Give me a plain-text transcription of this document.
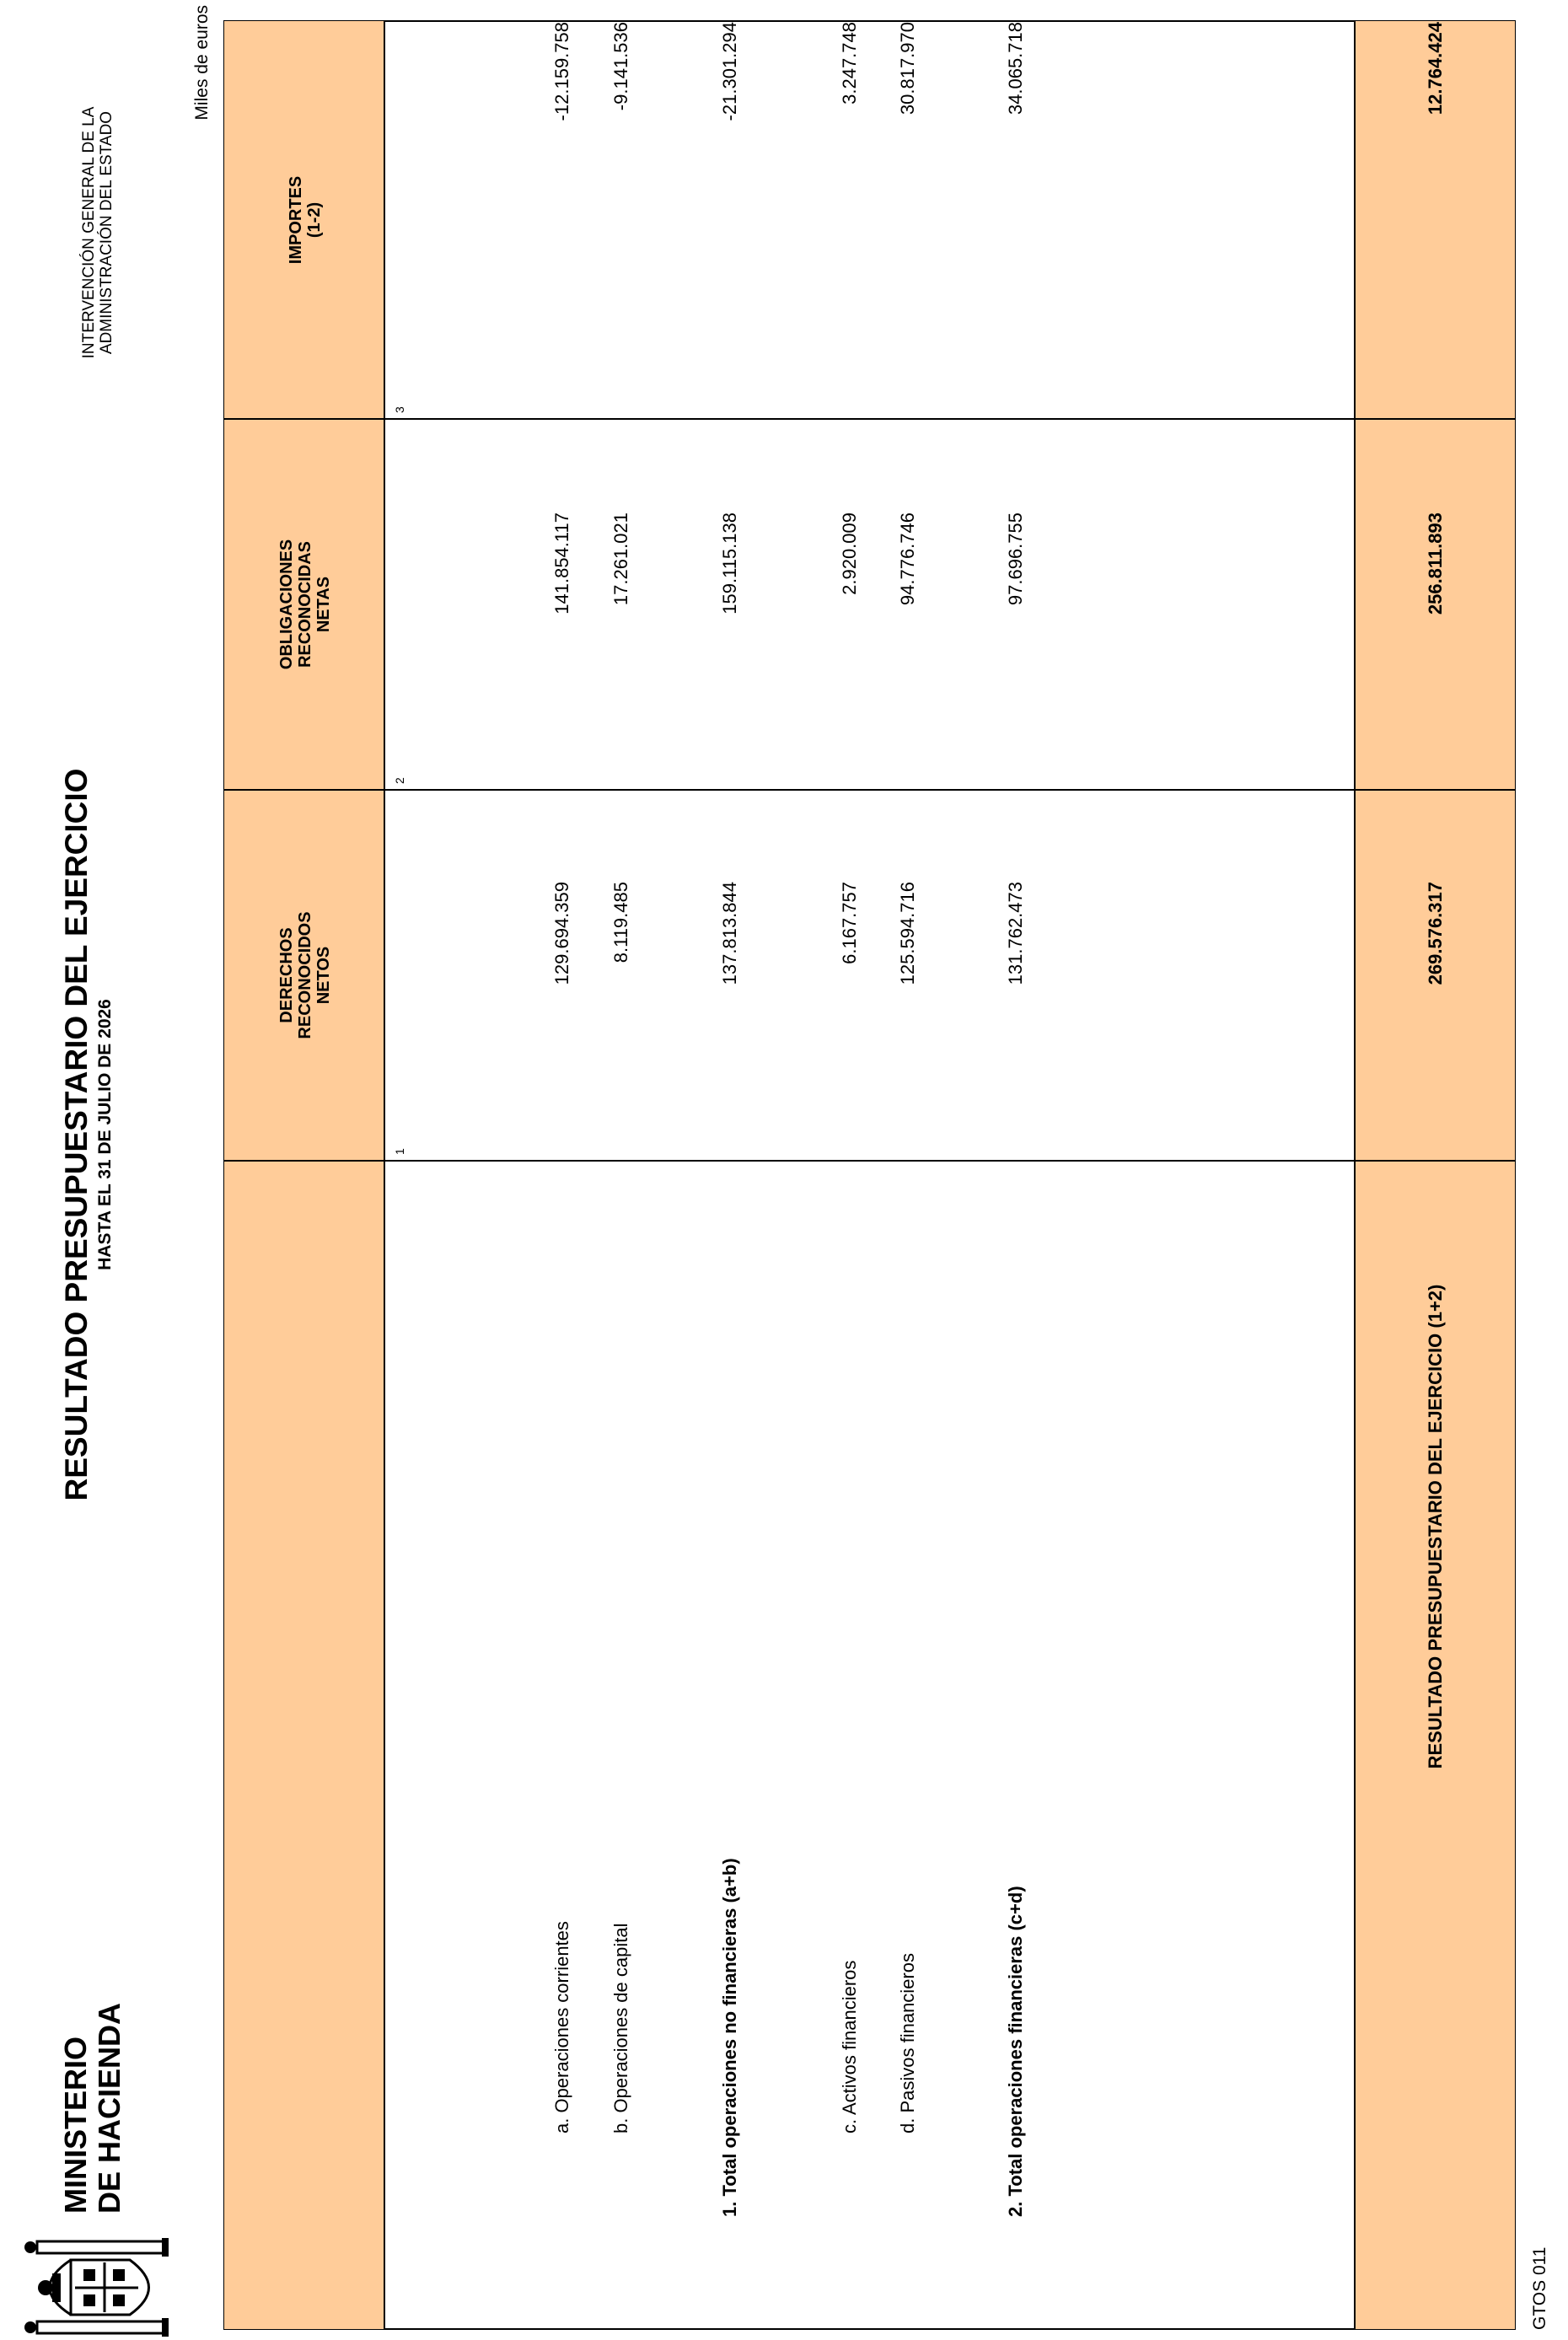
MINISTERIO
DE HACIENDA
RESULTADO PRESUPUESTARIO DEL EJERCICIO HASTA EL 31 DE JULIO DE 2026
INTERVENCIÓN GENERAL DE LA
ADMINISTRACIÓN DEL ESTADO
Miles de euros
DERECHOS
RECONOCIDOS
NETOS
OBLIGACIONES
RECONOCIDAS
NETAS
IMPORTES
(1-2)
1
2
3
a. Operaciones corrientes
129.694.359
141.854.117
-12.159.758
b. Operaciones de capital
8.119.485
17.261.021
-9.141.536
1. Total operaciones no financieras (a+b)
137.813.844
159.115.138
-21.301.294
c. Activos financieros
6.167.757
2.920.009
3.247.748
d. Pasivos financieros
125.594.716
94.776.746
30.817.970
2. Total operaciones financieras (c+d)
131.762.473
97.696.755
34.065.718
RESULTADO PRESUPUESTARIO DEL EJERCICIO (1+2)
269.576.317
256.811.893
12.764.424
GTOS 011
